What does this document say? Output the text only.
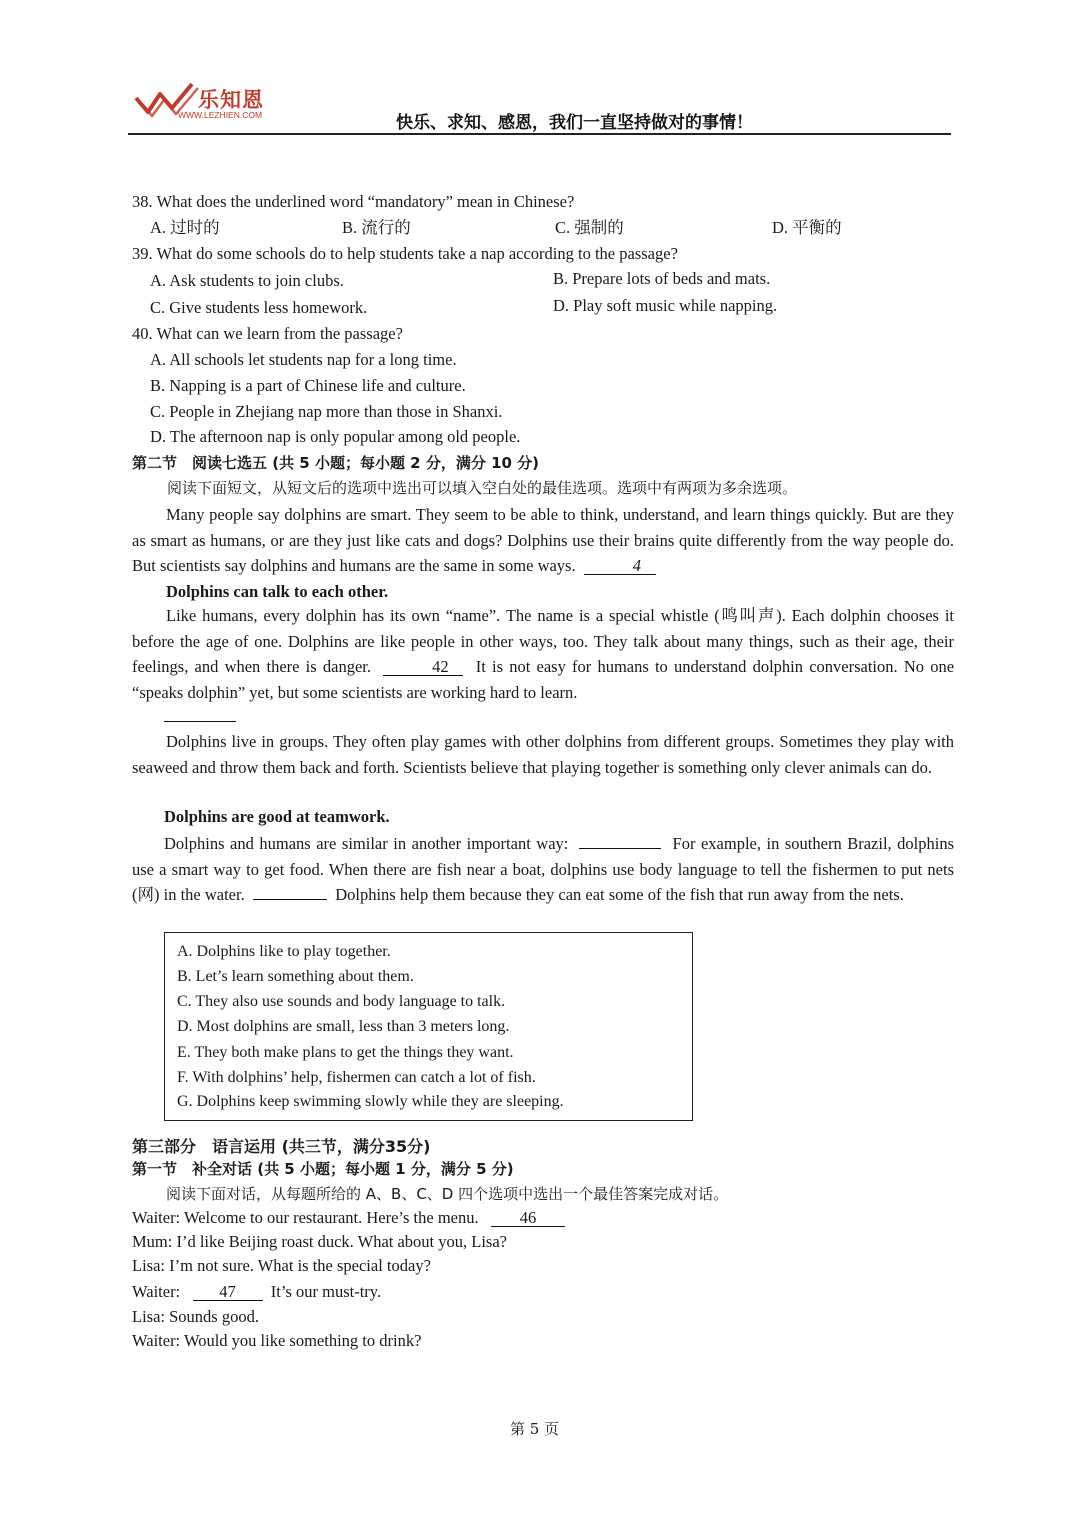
乐知恩
WWW.LEZHIEN.COM	快乐、求知、感恩，我们一直坚持做对的事情！
38. What does the underlined word “mandatory” mean in Chinese?
A. 过时的	B. 流行的	C. 强制的	D. 平衡的
39. What do some schools do to help students take a nap according to the passage?
A. Ask students to join clubs.	B. Prepare lots of beds and mats.
C. Give students less homework.	D. Play soft music while napping.
40. What can we learn from the passage?
A. All schools let students nap for a long time.
B. Napping is a part of Chinese life and culture.
C. People in Zhejiang nap more than those in Shanxi.
D. The afternoon nap is only popular among old people.
第二节　阅读七选五 (共 5 小题；每小题 2 分，满分 10 分)
阅读下面短文，从短文后的选项中选出可以填入空白处的最佳选项。选项中有两项为多余选项。
Many people say dolphins are smart. They seem to be able to think, understand, and learn things quickly. But are they as smart as humans, or are they just like cats and dogs? Dolphins use their brains quite differently from the way people do. But scientists say dolphins and humans are the same in some ways.	4
Dolphins can talk to each other.
Like humans, every dolphin has its own “name”. The name is a special whistle (鸣叫声). Each dolphin chooses it before the age of one. Dolphins are like people in other ways, too. They talk about many things, such as their age, their feelings, and when there is danger.	42 It is not easy for humans to understand dolphin conversation. No one “speaks dolphin” yet, but some scientists are working hard to learn.
Dolphins live in groups. They often play games with other dolphins from different groups. Sometimes they play with seaweed and throw them back and forth. Scientists believe that playing together is something only clever animals can do.
Dolphins are good at teamwork.
Dolphins and humans are similar in another important way:	For example, in southern Brazil, dolphins use a smart way to get food. When there are fish near a boat, dolphins use body language to tell the fishermen to put nets (网) in the water.	Dolphins help them because they can eat some of the fish that run away from the nets.
A. Dolphins like to play together.
B. Let’s learn something about them.
C. They also use sounds and body language to talk.
D. Most dolphins are small, less than 3 meters long.
E. They both make plans to get the things they want.
F. With dolphins’ help, fishermen can catch a lot of fish.
G. Dolphins keep swimming slowly while they are sleeping.
第三部分　语言运用 (共三节，满分35分)
第一节　补全对话 (共 5 小题；每小题 1 分，满分 5 分)
阅读下面对话，从每题所给的 A、B、C、D 四个选项中选出一个最佳答案完成对话。
Waiter: Welcome to our restaurant. Here’s the menu. 46
Mum: I’d like Beijing roast duck. What about you, Lisa?
Lisa: I’m not sure. What is the special today?
Waiter: 47 It’s our must-try.
Lisa: Sounds good.
Waiter: Would you like something to drink?
第 5 页
